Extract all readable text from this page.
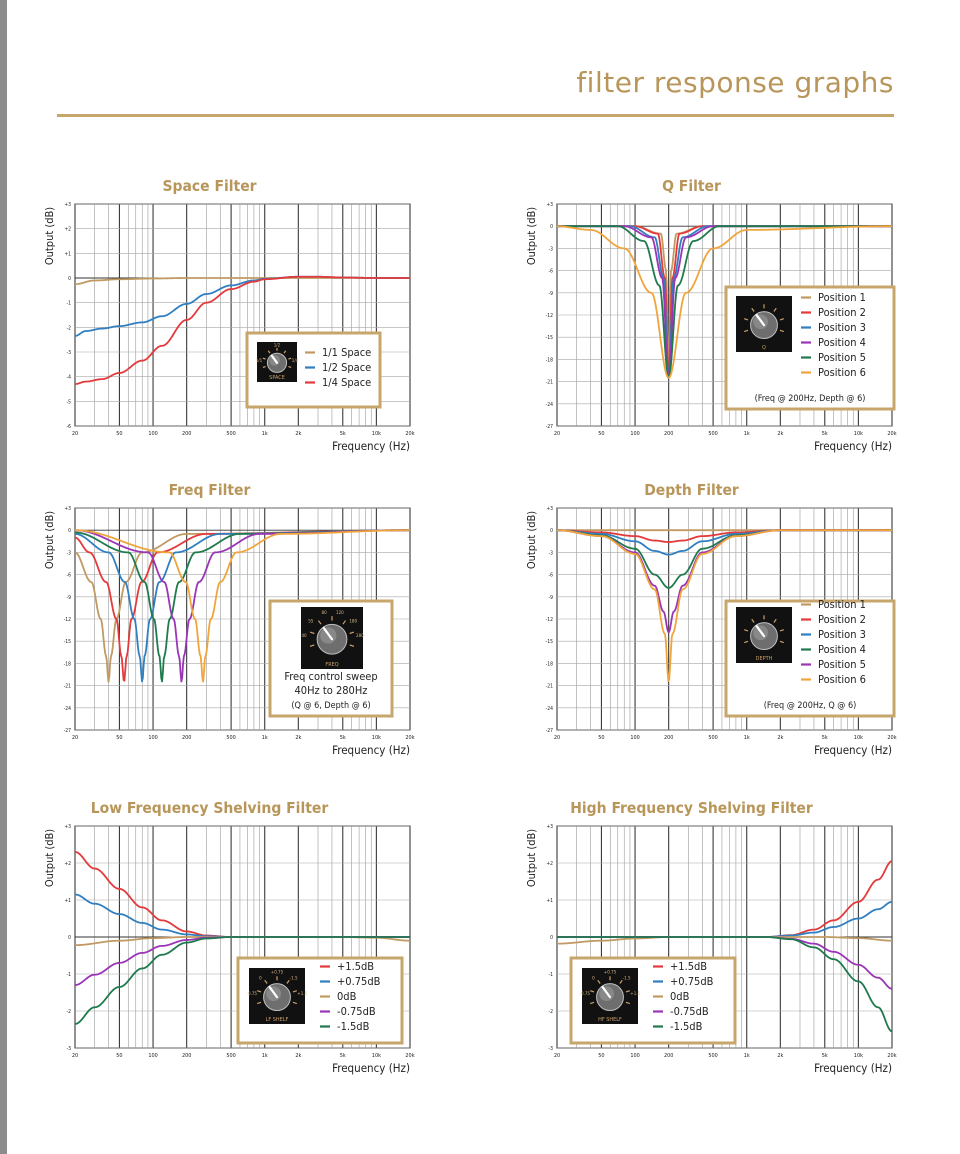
filter response graphs
Space Filter
+3
+2
+1
0
-1
-2
-3
-4
-5
-6
20	50	100	200	500	1k	2k	5k	10k	20k
Frequency (Hz)
Output (dB)
1/1
1/2
1/4
SPACE
1/1 Space
1/2 Space
1/4 Space
Q Filter
+3
0
-3
-6
-9
-12
-15
-18
-21
-24
-27
20	50	100	200	500	1k	2k	5k	10k	20k
Frequency (Hz)
Output (dB)
Q
Position 1
Position 2
Position 3
Position 4
Position 5
Position 6
(Freq @ 200Hz, Depth @ 6)
Freq Filter
+3
0
-3
-6
-9
-12
-15
-18
-21
-24
-27
20	50	100	200	500	1k	2k	5k	10k	20k
Frequency (Hz)
Output (dB)
40
55
80 120
180
280
FREQ
Freq control sweep
40Hz to 280Hz
(Q @ 6, Depth @ 6)
Depth Filter
+3
0
-3
-6
-9
-12
-15
-18
-21
-24
-27
20	50	100	200	500	1k	2k	5k	10k	20k
Frequency (Hz)
Output (dB)
DEPTH
Position 1
Position 2
Position 3
Position 4
Position 5
Position 6
(Freq @ 200Hz, Q @ 6)
Low Frequency Shelving Filter
+3
+2
+1
0
-1
-2
-3
20	50	100	200	500	1k	2k	5k	10k	20k
Frequency (Hz)
Output (dB)
-0.75
0
+0.75
-1.5
+1.5
LF SHELF
+1.5dB
+0.75dB
0dB
-0.75dB
-1.5dB
High Frequency Shelving Filter
+3
+2
+1
0
-1
-2
-3
20	50	100	200	500	1k	2k	5k	10k	20k
Frequency (Hz)
Output (dB)
-0.75
0
+0.75
-1.5
+1.5
HF SHELF
+1.5dB
+0.75dB
0dB
-0.75dB
-1.5dB
